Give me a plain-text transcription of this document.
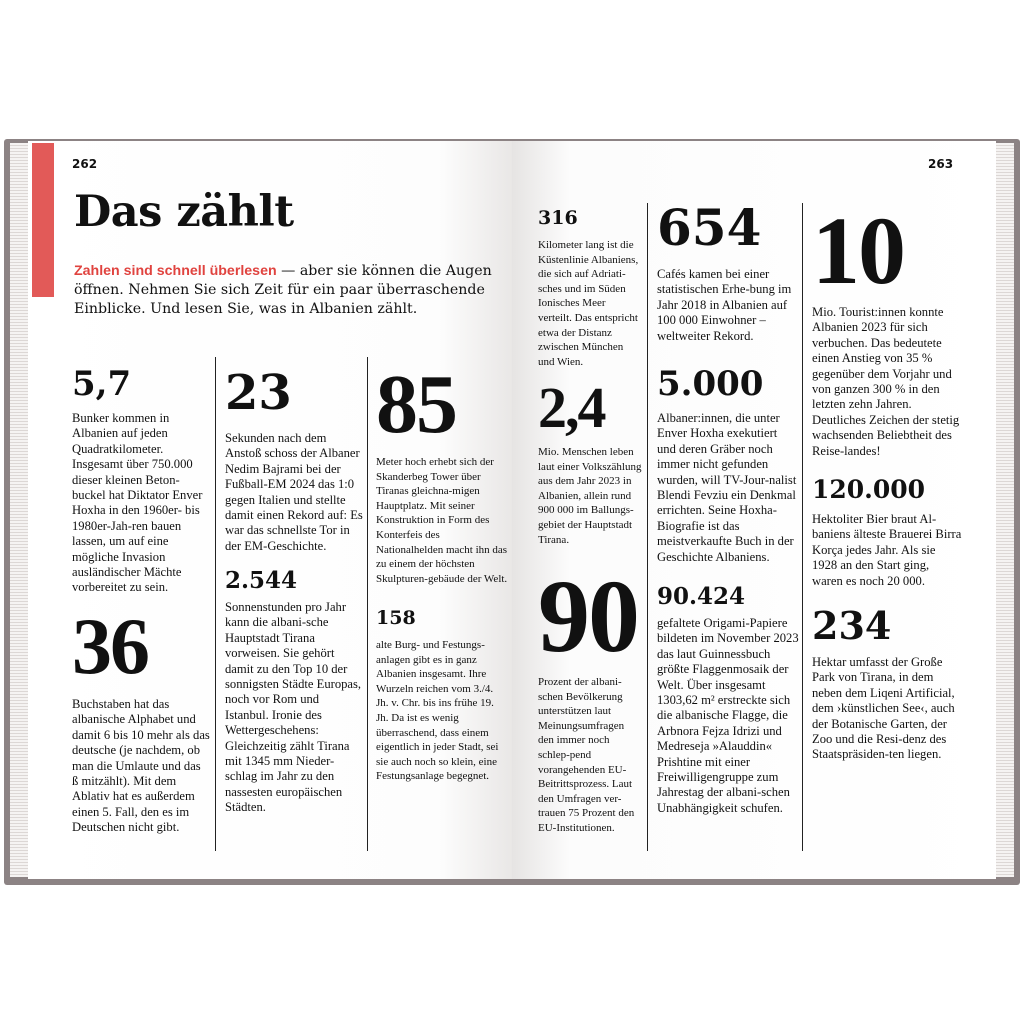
262
Das zählt
Zahlen sind schnell überlesen — aber sie können die Augen öffnen. Nehmen Sie sich Zeit für ein paar überraschende Einblicke. Und lesen Sie, was in Albanien zählt.
5,7
Bunker kommen in Albanien auf jeden Quadratkilometer. Insgesamt über 750.000 dieser kleinen Beton-buckel hat Diktator Enver Hoxha in den 1960er- bis 1980er-Jah-ren bauen lassen, um auf eine mögliche Invasion ausländischer Mächte vorbereitet zu sein.
36
Buchstaben hat das albanische Alphabet und damit 6 bis 10 mehr als das deutsche (je nachdem, ob man die Umlaute und das ß mitzählt). Mit dem Ablativ hat es außerdem einen 5. Fall, den es im Deutschen nicht gibt.
23
Sekunden nach dem Anstoß schoss der Albaner Nedim Bajrami bei der Fußball-EM 2024 das 1:0 gegen Italien und stellte damit einen Rekord auf: Es war das schnellste Tor in der EM-Geschichte.
2.544
Sonnenstunden pro Jahr kann die albani-sche Hauptstadt Tirana vorweisen. Sie gehört damit zu den Top 10 der sonnigsten Städte Europas, noch vor Rom und Istanbul. Ironie des Wettergeschehens: Gleichzeitig zählt Tirana mit 1345 mm Nieder-schlag im Jahr zu den nassesten europäischen Städten.
85
Meter hoch erhebt sich der Skanderbeg Tower über Tiranas gleichna-migen Hauptplatz. Mit seiner Konstruktion in Form des Konterfeis des Nationalhelden macht ihn das zu einem der höchsten Skulpturen-gebäude der Welt.
158
alte Burg- und Festungs-anlagen gibt es in ganz Albanien insgesamt. Ihre Wurzeln reichen vom 3./4. Jh. v. Chr. bis ins frühe 19. Jh. Da ist es wenig überraschend, dass einem eigentlich in jeder Stadt, sei sie auch noch so klein, eine Festungsanlage begegnet.
263
316
Kilometer lang ist die Küstenlinie Albaniens, die sich auf Adriati-sches und im Süden Ionisches Meer verteilt. Das entspricht etwa der Distanz zwischen München und Wien.
2,4
Mio. Menschen leben laut einer Volkszählung aus dem Jahr 2023 in Albanien, allein rund 900 000 im Ballungs-gebiet der Hauptstadt Tirana.
90
Prozent der albani-schen Bevölkerung unterstützen laut Meinungsumfragen den immer noch schlep-pend vorangehenden EU-Beitrittsprozess. Laut den Umfragen ver-trauen 75 Prozent den EU-Institutionen.
654
Cafés kamen bei einer statistischen Erhe-bung im Jahr 2018 in Albanien auf 100 000 Einwohner – weltweiter Rekord.
5.000
Albaner:innen, die unter Enver Hoxha exekutiert und deren Gräber noch immer nicht gefunden wurden, will TV-Jour-nalist Blendi Fevziu ein Denkmal errichten. Seine Hoxha-Biografie ist das meistverkaufte Buch in der Geschichte Albaniens.
90.424
gefaltete Origami-Papiere bildeten im November 2023 das laut Guinnessbuch größte Flaggenmosaik der Welt. Über insgesamt 1303,62 m² erstreckte sich die albanische Flagge, die Arbnora Fejza Idrizi und Medreseja »Alauddin« Prishtine mit einer Freiwilligengruppe zum Jahrestag der albani-schen Unabhängigkeit schufen.
10
Mio. Tourist:innen konnte Albanien 2023 für sich verbuchen. Das bedeutete einen Anstieg von 35 % gegenüber dem Vorjahr und von ganzen 300 % in den letzten zehn Jahren. Deutliches Zeichen der stetig wachsenden Beliebtheit des Reise-landes!
120.000
Hektoliter Bier braut Al-baniens älteste Brauerei Birra Korça jedes Jahr. Als sie 1928 an den Start ging, waren es noch 20 000.
234
Hektar umfasst der Große Park von Tirana, in dem neben dem Liqeni Artificial, dem ›künstlichen See‹, auch der Botanische Garten, der Zoo und die Resi-denz des Staatspräsiden-ten liegen.
